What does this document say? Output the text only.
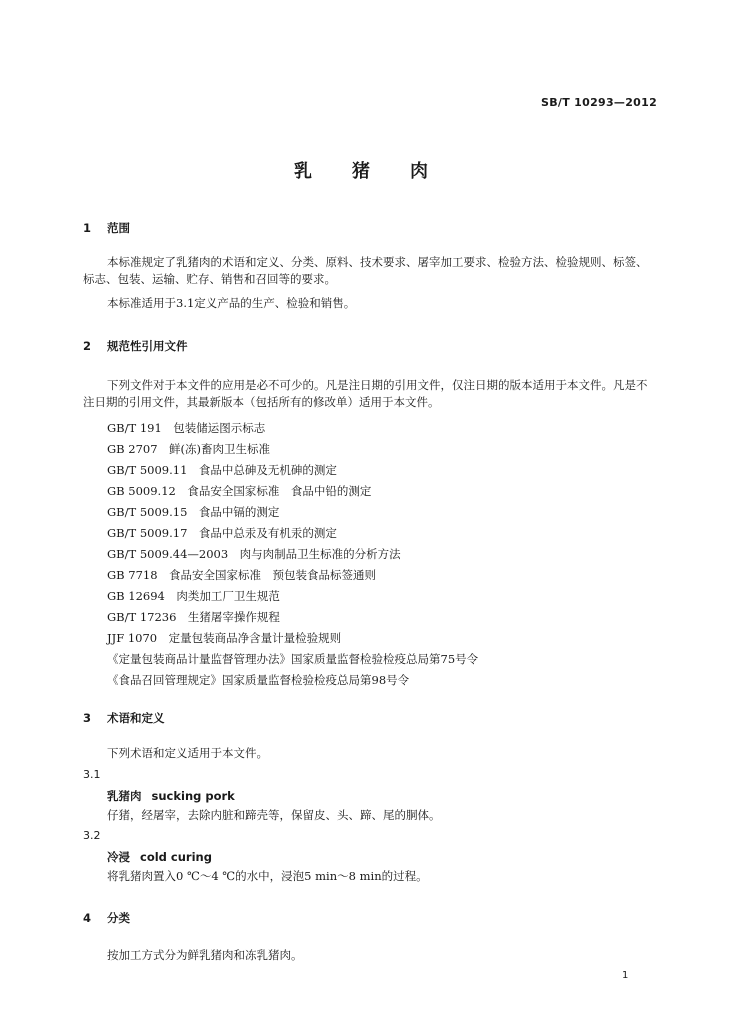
SB/T 10293—2012
乳猪肉
1 范围
本标准规定了乳猪肉的术语和定义、分类、原料、技术要求、屠宰加工要求、检验方法、检验规则、标签、标志、包装、运输、贮存、销售和召回等的要求。
本标准适用于3.1定义产品的生产、检验和销售。
2 规范性引用文件
下列文件对于本文件的应用是必不可少的。凡是注日期的引用文件，仅注日期的版本适用于本文件。凡是不注日期的引用文件，其最新版本（包括所有的修改单）适用于本文件。
GB/T 191　包装储运图示标志
GB 2707　鲜(冻)畜肉卫生标准
GB/T 5009.11　食品中总砷及无机砷的测定
GB 5009.12　食品安全国家标准　食品中铅的测定
GB/T 5009.15　食品中镉的测定
GB/T 5009.17　食品中总汞及有机汞的测定
GB/T 5009.44—2003　肉与肉制品卫生标准的分析方法
GB 7718　食品安全国家标准　预包装食品标签通则
GB 12694　肉类加工厂卫生规范
GB/T 17236　生猪屠宰操作规程
JJF 1070　定量包装商品净含量计量检验规则
《定量包装商品计量监督管理办法》国家质量监督检验检疫总局第75号令
《食品召回管理规定》国家质量监督检验检疫总局第98号令
3 术语和定义
下列术语和定义适用于本文件。
3.1
乳猪肉 sucking pork
仔猪，经屠宰，去除内脏和蹄壳等，保留皮、头、蹄、尾的胴体。
3.2
冷浸 cold curing
将乳猪肉置入0 ℃～4 ℃的水中，浸泡5 min～8 min的过程。
4 分类
按加工方式分为鲜乳猪肉和冻乳猪肉。
1
